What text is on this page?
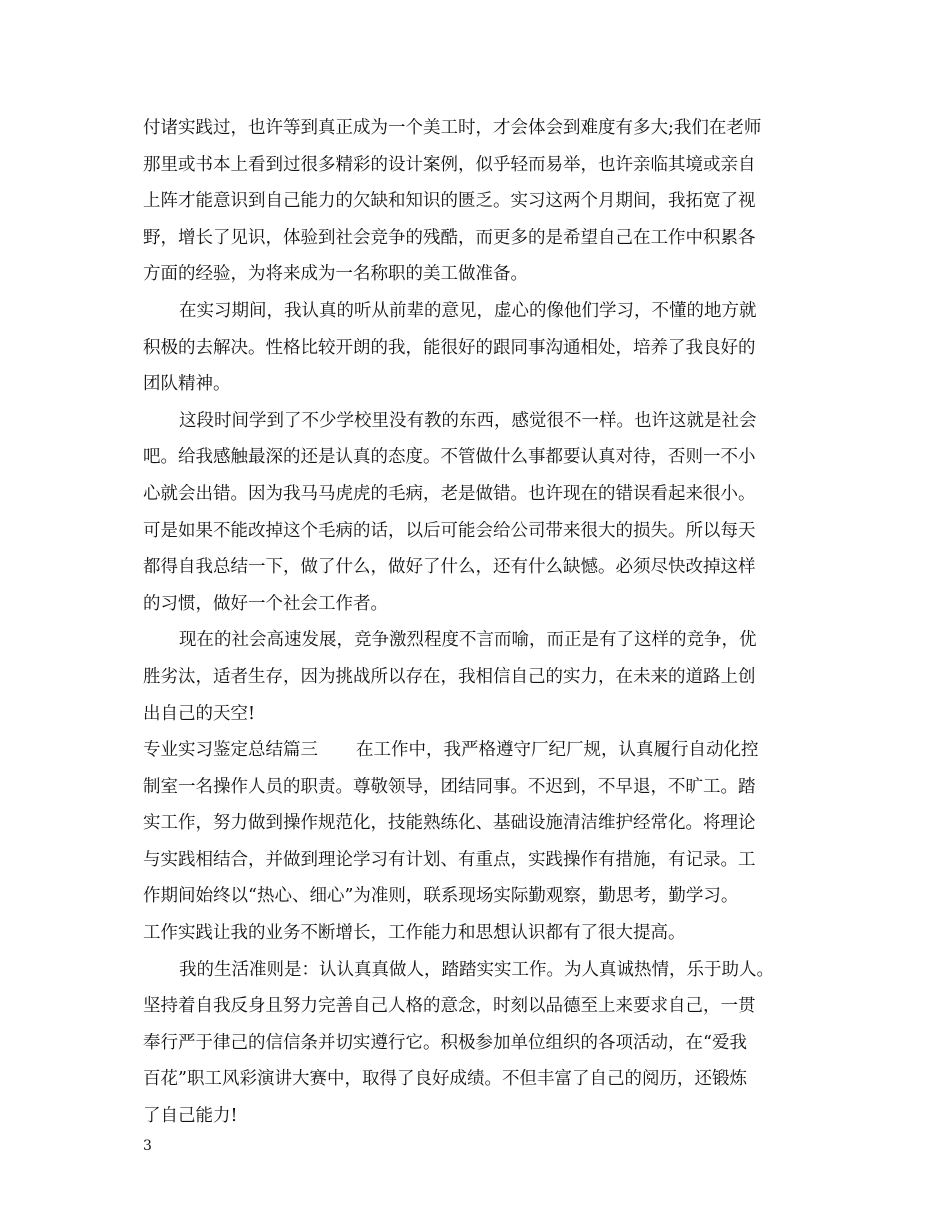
付诸实践过，也许等到真正成为一个美工时，才会体会到难度有多大;我们在老师
那里或书本上看到过很多精彩的设计案例，似乎轻而易举，也许亲临其境或亲自
上阵才能意识到自己能力的欠缺和知识的匮乏。实习这两个月期间，我拓宽了视
野，增长了见识，体验到社会竞争的残酷，而更多的是希望自己在工作中积累各
方面的经验，为将来成为一名称职的美工做准备。
在实习期间，我认真的听从前辈的意见，虚心的像他们学习，不懂的地方就
积极的去解决。性格比较开朗的我，能很好的跟同事沟通相处，培养了我良好的
团队精神。
这段时间学到了不少学校里没有教的东西，感觉很不一样。也许这就是社会
吧。给我感触最深的还是认真的态度。不管做什么事都要认真对待，否则一不小
心就会出错。因为我马马虎虎的毛病，老是做错。也许现在的错误看起来很小。
可是如果不能改掉这个毛病的话，以后可能会给公司带来很大的损失。所以每天
都得自我总结一下，做了什么，做好了什么，还有什么缺憾。必须尽快改掉这样
的习惯，做好一个社会工作者。
现在的社会高速发展，竞争激烈程度不言而喻，而正是有了这样的竞争，优
胜劣汰，适者生存，因为挑战所以存在，我相信自己的实力，在未来的道路上创
出自己的天空!
专业实习鉴定总结篇三 在工作中，我严格遵守厂纪厂规，认真履行自动化控
制室一名操作人员的职责。尊敬领导，团结同事。不迟到，不早退，不旷工。踏
实工作，努力做到操作规范化，技能熟练化、基础设施清洁维护经常化。将理论
与实践相结合，并做到理论学习有计划、有重点，实践操作有措施，有记录。工
作期间始终以“热心、细心”为准则，联系现场实际勤观察，勤思考，勤学习。
工作实践让我的业务不断增长，工作能力和思想认识都有了很大提高。
我的生活准则是：认认真真做人，踏踏实实工作。为人真诚热情，乐于助人。
坚持着自我反身且努力完善自己人格的意念，时刻以品德至上来要求自己，一贯
奉行严于律己的信信条并切实遵行它。积极参加单位组织的各项活动，在“爱我
百花”职工风彩演讲大赛中，取得了良好成绩。不但丰富了自己的阅历，还锻炼
了自己能力!
3
